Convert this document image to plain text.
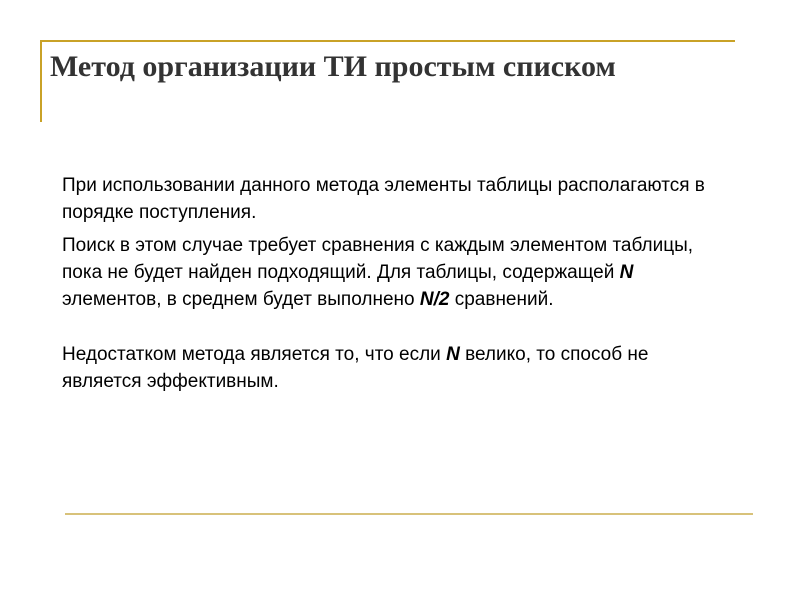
Метод организации ТИ простым списком

При использовании данного метода элементы таблицы располагаются в порядке поступления.

Поиск в этом случае требует сравнения с каждым элементом таблицы, пока не будет найден подходящий. Для таблицы, содержащей N элементов, в среднем будет выполнено N/2 сравнений.

Недостатком метода является то, что если N велико, то способ не является эффективным.
